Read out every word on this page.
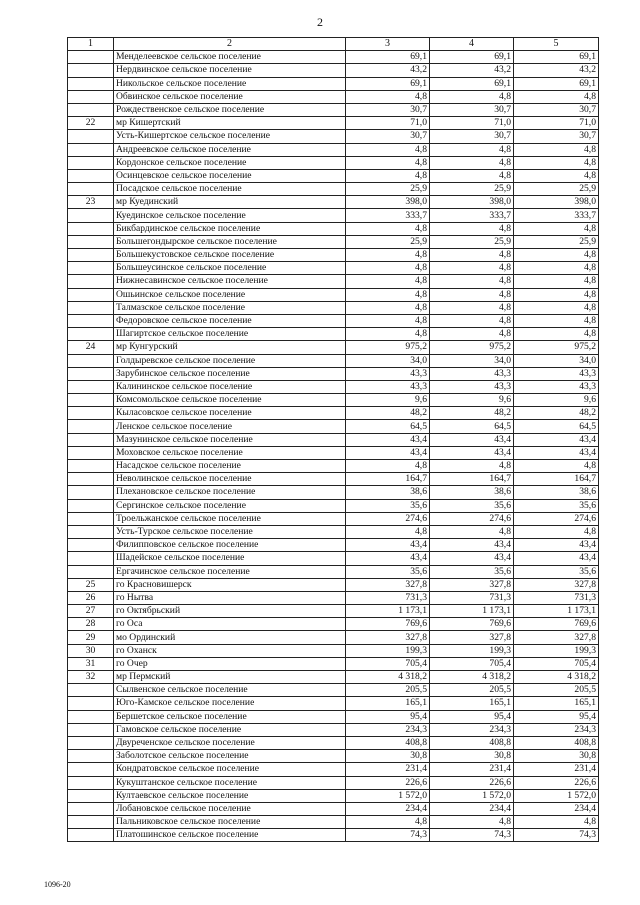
2
1	2	3	4	5
	Менделеевское сельское поселение	69,1	69,1	69,1
	Нердвинское сельское поселение	43,2	43,2	43,2
	Никольское сельское поселение	69,1	69,1	69,1
	Обвинское сельское поселение	4,8	4,8	4,8
	Рождественское сельское поселение	30,7	30,7	30,7
22	мр Кишертский	71,0	71,0	71,0
	Усть-Кишертское сельское поселение	30,7	30,7	30,7
	Андреевское сельское поселение	4,8	4,8	4,8
	Кордонское сельское поселение	4,8	4,8	4,8
	Осинцевское сельское поселение	4,8	4,8	4,8
	Посадское сельское поселение	25,9	25,9	25,9
23	мр Куединский	398,0	398,0	398,0
	Куединское сельское поселение	333,7	333,7	333,7
	Бикбардинское сельское поселение	4,8	4,8	4,8
	Большегондырское сельское поселение	25,9	25,9	25,9
	Большекустовское сельское поселение	4,8	4,8	4,8
	Большеусинское сельское поселение	4,8	4,8	4,8
	Нижнесавинское сельское поселение	4,8	4,8	4,8
	Ошьинское сельское поселение	4,8	4,8	4,8
	Талмазское сельское поселение	4,8	4,8	4,8
	Федоровское сельское поселение	4,8	4,8	4,8
	Шагиртское сельское поселение	4,8	4,8	4,8
24	мр Кунгурский	975,2	975,2	975,2
	Голдыревское сельское поселение	34,0	34,0	34,0
	Зарубинское сельское поселение	43,3	43,3	43,3
	Калининское сельское поселение	43,3	43,3	43,3
	Комсомольское сельское поселение	9,6	9,6	9,6
	Кыласовское сельское поселение	48,2	48,2	48,2
	Ленское сельское поселение	64,5	64,5	64,5
	Мазунинское сельское поселение	43,4	43,4	43,4
	Моховское сельское поселение	43,4	43,4	43,4
	Насадское сельское поселение	4,8	4,8	4,8
	Неволинское сельское поселение	164,7	164,7	164,7
	Плехановское сельское поселение	38,6	38,6	38,6
	Сергинское сельское поселение	35,6	35,6	35,6
	Троельжанское сельское поселение	274,6	274,6	274,6
	Усть-Турское сельское поселение	4,8	4,8	4,8
	Филипповское сельское поселение	43,4	43,4	43,4
	Шадейское сельское поселение	43,4	43,4	43,4
	Ергачинское сельское поселение	35,6	35,6	35,6
25	го Красновишерск	327,8	327,8	327,8
26	го Нытва	731,3	731,3	731,3
27	го Октябрьский	1 173,1	1 173,1	1 173,1
28	го Оса	769,6	769,6	769,6
29	мо Ординский	327,8	327,8	327,8
30	го Оханск	199,3	199,3	199,3
31	го Очер	705,4	705,4	705,4
32	мр Пермский	4 318,2	4 318,2	4 318,2
	Сылвенское сельское поселение	205,5	205,5	205,5
	Юго-Камское сельское поселение	165,1	165,1	165,1
	Бершетское сельское поселение	95,4	95,4	95,4
	Гамовское сельское поселение	234,3	234,3	234,3
	Двуреченское сельское поселение	408,8	408,8	408,8
	Заболотское сельское поселение	30,8	30,8	30,8
	Кондратовское сельское поселение	231,4	231,4	231,4
	Кукуштанское сельское поселение	226,6	226,6	226,6
	Култаевское сельское поселение	1 572,0	1 572,0	1 572,0
	Лобановское сельское поселение	234,4	234,4	234,4
	Пальниковское сельское поселение	4,8	4,8	4,8
	Платошинское сельское поселение	74,3	74,3	74,3
1096-20
